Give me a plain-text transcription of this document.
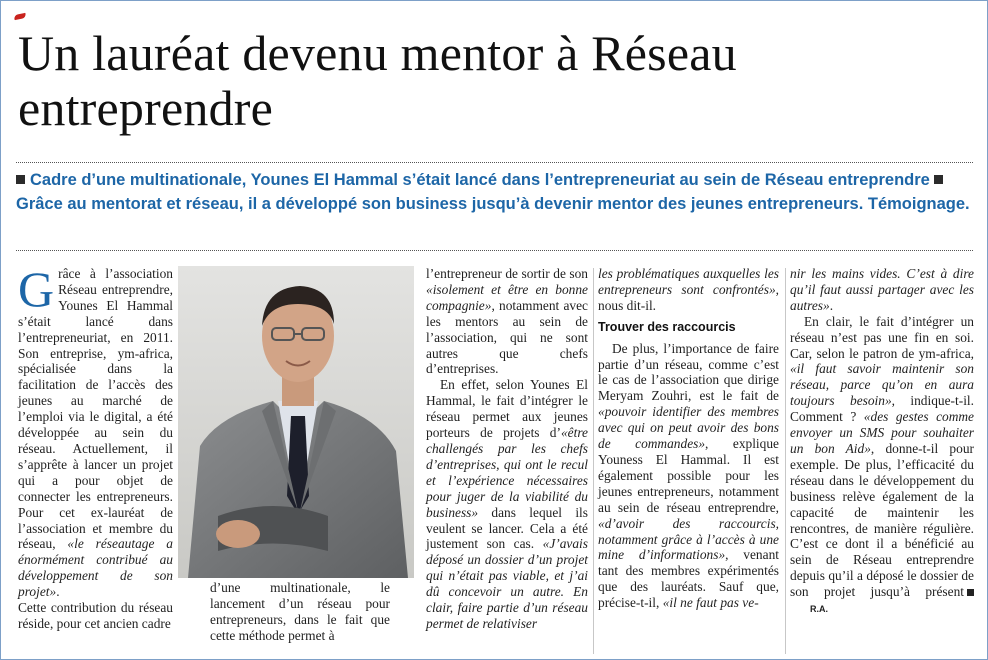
Un lauréat devenu mentor à Réseau entreprendre

Cadre d’une multinationale, Younes El Hammal s’était lancé dans l’entrepreneuriat au sein de Réseau entreprendre Grâce au mentorat et réseau, il a développé son business jusqu’à devenir mentor des jeunes entrepreneurs. Témoignage.

Grâce à l’association Réseau entreprendre, Younes El Hammal s’était lancé dans l’entrepreneuriat, en 2011. Son entreprise, ym-africa, spécialisée dans la facilitation de l’accès des jeunes au marché de l’emploi via le digital, a été développée au sein du réseau. Actuellement, il s’apprête à lancer un projet qui a pour objet de connecter les entrepreneurs. Pour cet ex-lauréat de l’association et membre du réseau, «le réseautage a énormément contribué au développement de son projet».

Cette contribution du réseau réside, pour cet ancien cadre

d’une multinationale, le lancement d’un réseau pour entrepreneurs, dans le fait que cette méthode permet à

l’entrepreneur de sortir de son «isolement et être en bonne compagnie», notamment avec les mentors au sein de l’association, qui ne sont autres que chefs d’entreprises.

En effet, selon Younes El Hammal, le fait d’intégrer le réseau permet aux jeunes porteurs de projets d’«être challengés par les chefs d’entreprises, qui ont le recul et l’expérience nécessaires pour juger de la viabilité du business» dans lequel ils veulent se lancer. Cela a été justement son cas. «J’avais déposé un dossier d’un projet qui n’était pas viable, et j’ai dû concevoir un autre. En clair, faire partie d’un réseau permet de relativiser

les problématiques auxquelles les entrepreneurs sont confrontés», nous dit-il.

Trouver des raccourcis

De plus, l’importance de faire partie d’un réseau, comme c’est le cas de l’association que dirige Meryam Zouhri, est le fait de «pouvoir identifier des membres avec qui on peut avoir des bons de commandes», explique Youness El Hammal. Il est également possible pour les jeunes entrepreneurs, notamment au sein de réseau entreprendre, «d’avoir des raccourcis, notamment grâce à l’accès à une mine d’informations», venant tant des membres expérimentés que des lauréats. Sauf que, précise-t-il, «il ne faut pas ve-

nir les mains vides. C’est à dire qu’il faut aussi partager avec les autres».

En clair, le fait d’intégrer un réseau n’est pas une fin en soi. Car, selon le patron de ym-africa, «il faut savoir maintenir son réseau, parce qu’on en aura toujours besoin», indique-t-il. Comment ? «des gestes comme envoyer un SMS pour souhaiter un bon Aid», donne-t-il pour exemple. De plus, l’efficacité du réseau dans le développement du business relève également de la capacité de maintenir les rencontres, de manière régulière. C’est ce dont il a bénéficié au sein de Réseau entreprendre depuis qu’il a déposé le dossier de son projet jusqu’à présentR.A.
